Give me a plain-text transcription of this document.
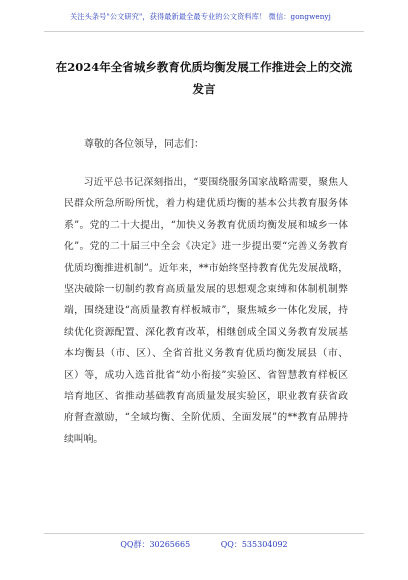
关注头条号"公文研究"，获得最新最全最专业的公文资料库！ 微信：gongwenyj
在2024年全省城乡教育优质均衡发展工作推进会上的交流
发言
尊敬的各位领导，同志们：
习近平总书记深刻指出，“要围绕服务国家战略需要，聚焦人民群众所急所盼所忧，着力构建优质均衡的基本公共教育服务体系”。党的二十大提出，“加快义务教育优质均衡发展和城乡一体化”。党的二十届三中全会《决定》进一步提出要“完善义务教育优质均衡推进机制”。近年来，**市始终坚持教育优先发展战略，坚决破除一切制约教育高质量发展的思想观念束缚和体制机制弊端，围绕建设“高质量教育样板城市”，聚焦城乡一体化发展，持续优化资源配置、深化教育改革，相继创成全国义务教育发展基本均衡县（市、区）、全省首批义务教育优质均衡发展县（市、区）等，成功入选首批省“幼小衔接”实验区、省智慧教育样板区培育地区、省推动基础教育高质量发展实验区，职业教育获省政府督查激励，“全域均衡、全阶优质、全面发展”的**教育品牌持续叫响。
QQ群：30265665	QQ：535304092
